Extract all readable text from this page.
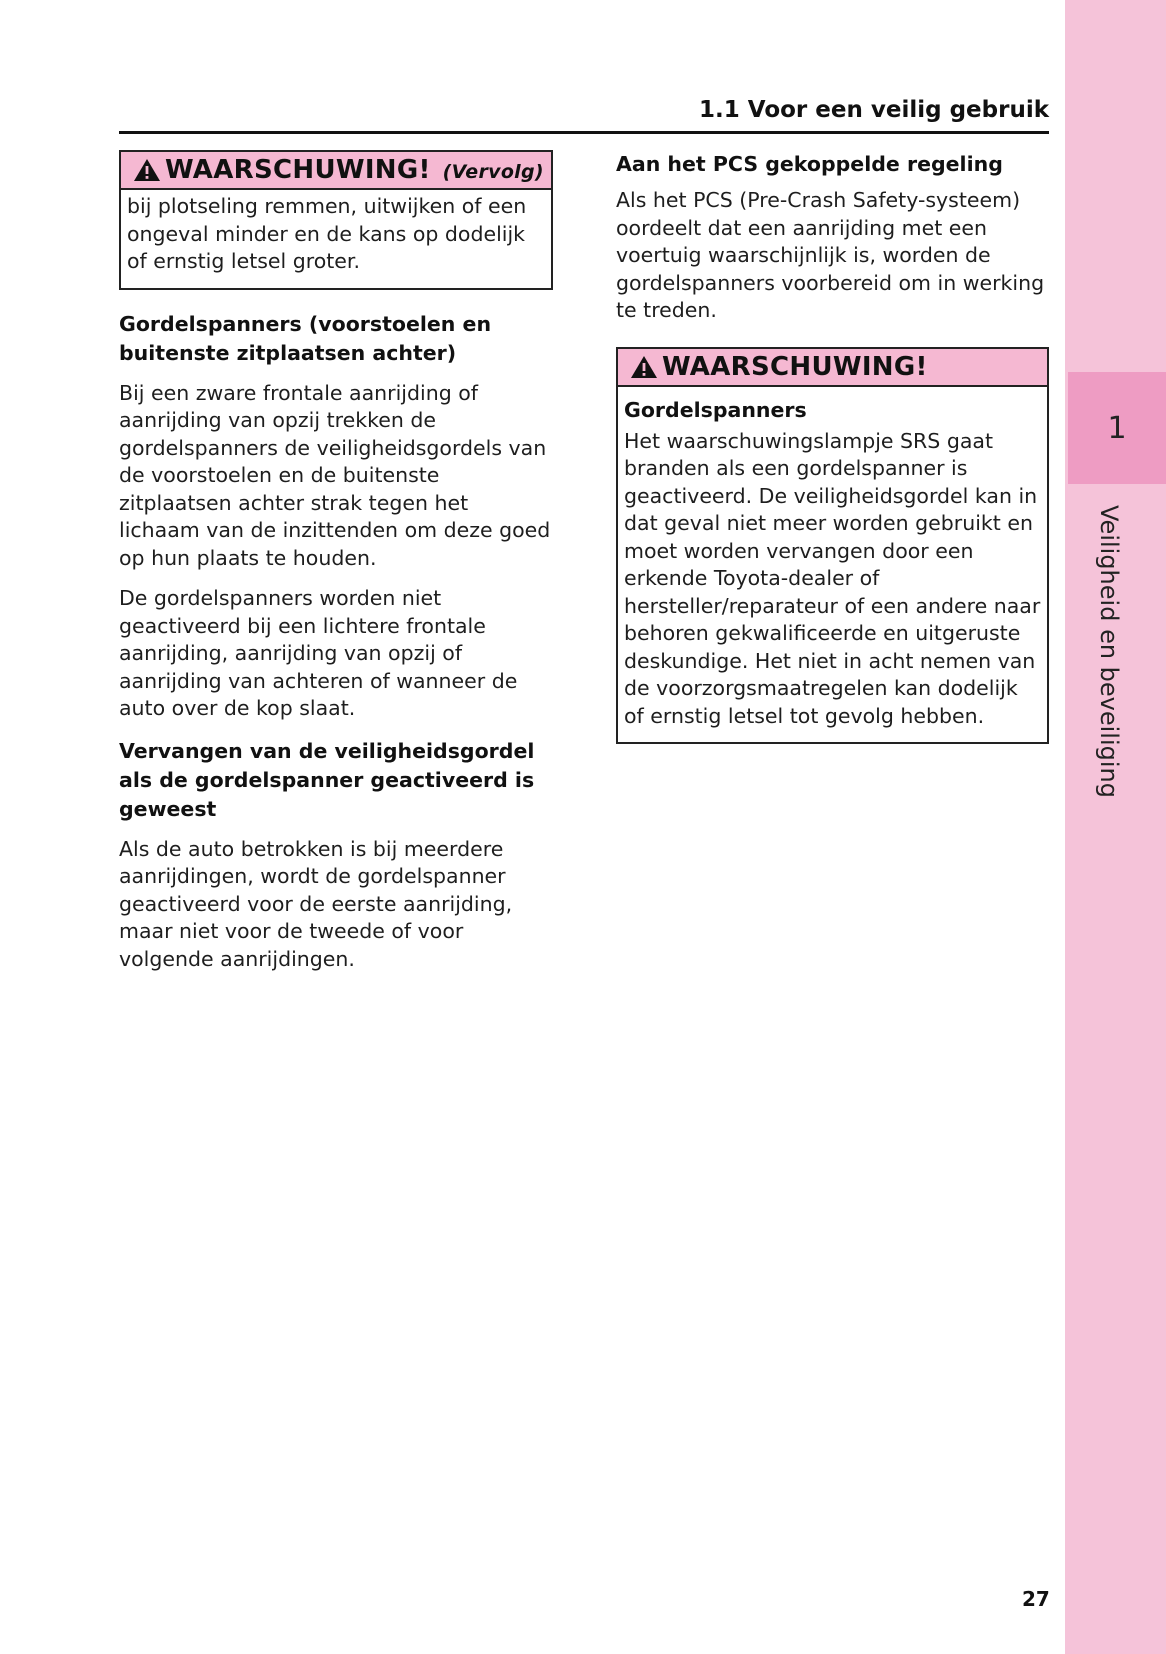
1
Veiligheid en beveiliging
1.1 Voor een veilig gebruik
WAARSCHUWING! (Vervolg)

bij plotseling remmen, uitwijken of een ongeval minder en de kans op dodelijk of ernstig letsel groter.

Gordelspanners (voorstoelen en buitenste zitplaatsen achter)

Bij een zware frontale aanrijding of aanrijding van opzij trekken de gordelspanners de veiligheidsgordels van de voorstoelen en de buitenste zitplaatsen achter strak tegen het lichaam van de inzittenden om deze goed op hun plaats te houden.

De gordelspanners worden niet geactiveerd bij een lichtere frontale aanrijding, aanrijding van opzij of aanrijding van achteren of wanneer de auto over de kop slaat.

Vervangen van de veiligheidsgordel als de gordelspanner geactiveerd is geweest

Als de auto betrokken is bij meerdere aanrijdingen, wordt de gordelspanner geactiveerd voor de eerste aanrijding, maar niet voor de tweede of voor volgende aanrijdingen.

Aan het PCS gekoppelde regeling

Als het PCS (Pre-Crash Safety-systeem) oordeelt dat een aanrijding met een voertuig waarschijnlijk is, worden de gordelspanners voorbereid om in werking te treden.

WAARSCHUWING!
Gordelspanners

Het waarschuwingslampje SRS gaat branden als een gordelspanner is geactiveerd. De veiligheidsgordel kan in dat geval niet meer worden gebruikt en moet worden vervangen door een erkende Toyota-dealer of hersteller/reparateur of een andere naar behoren gekwalificeerde en uitgeruste deskundige. Het niet in acht nemen van de voorzorgsmaatregelen kan dodelijk of ernstig letsel tot gevolg hebben.

27
